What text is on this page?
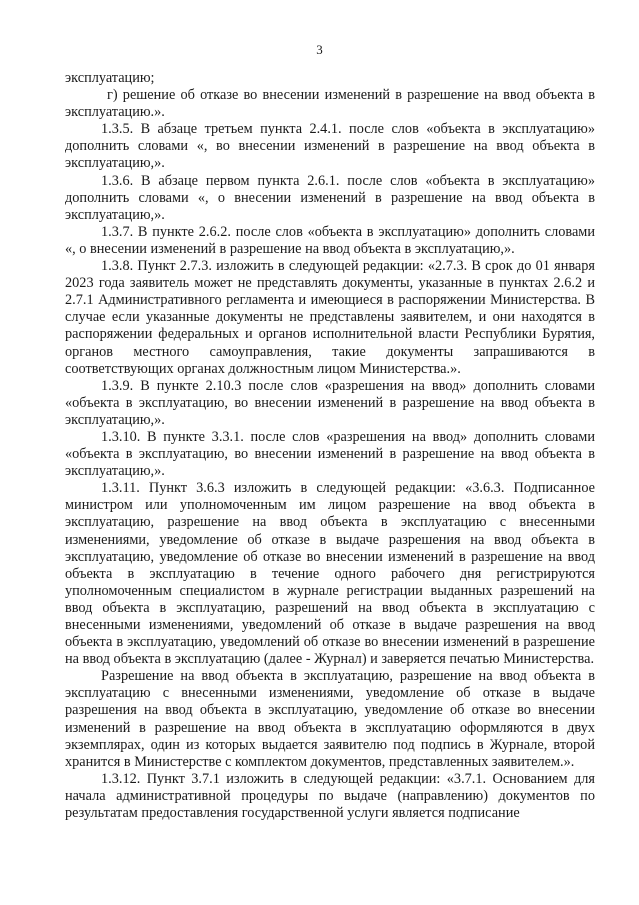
3

эксплуатацию;

г) решение об отказе во внесении изменений в разрешение на ввод объекта в эксплуатацию.».

1.3.5. В абзаце третьем пункта 2.4.1. после слов «объекта в эксплуатацию» дополнить словами «, во внесении изменений в разрешение на ввод объекта в эксплуатацию,».

1.3.6. В абзаце первом пункта 2.6.1. после слов «объекта в эксплуатацию» дополнить словами «, о внесении изменений в разрешение на ввод объекта в эксплуатацию,».

1.3.7. В пункте 2.6.2. после слов «объекта в эксплуатацию» дополнить словами «, о внесении изменений в разрешение на ввод объекта в эксплуатацию,».

1.3.8. Пункт 2.7.3. изложить в следующей редакции: «2.7.3. В срок до 01 января 2023 года заявитель может не представлять документы, указанные в пунктах 2.6.2 и 2.7.1 Административного регламента и имеющиеся в распоряжении Министерства. В случае если указанные документы не представлены заявителем, и они находятся в распоряжении федеральных и органов исполнительной власти Республики Бурятия, органов местного самоуправления, такие документы запрашиваются в соответствующих органах должностным лицом Министерства.».

1.3.9. В пункте 2.10.3 после слов «разрешения на ввод» дополнить словами «объекта в эксплуатацию, во внесении изменений в разрешение на ввод объекта в эксплуатацию,».

1.3.10. В пункте 3.3.1. после слов «разрешения на ввод» дополнить словами «объекта в эксплуатацию, во внесении изменений в разрешение на ввод объекта в эксплуатацию,».

1.3.11. Пункт 3.6.3 изложить в следующей редакции: «3.6.3. Подписанное министром или уполномоченным им лицом разрешение на ввод объекта в эксплуатацию, разрешение на ввод объекта в эксплуатацию с внесенными изменениями, уведомление об отказе в выдаче разрешения на ввод объекта в эксплуатацию, уведомление об отказе во внесении изменений в разрешение на ввод объекта в эксплуатацию в течение одного рабочего дня регистрируются уполномоченным специалистом в журнале регистрации выданных разрешений на ввод объекта в эксплуатацию, разрешений на ввод объекта в эксплуатацию с внесенными изменениями, уведомлений об отказе в выдаче разрешения на ввод объекта в эксплуатацию, уведомлений об отказе во внесении изменений в разрешение на ввод объекта в эксплуатацию (далее - Журнал) и заверяется печатью Министерства.

Разрешение на ввод объекта в эксплуатацию, разрешение на ввод объекта в эксплуатацию с внесенными изменениями, уведомление об отказе в выдаче разрешения на ввод объекта в эксплуатацию, уведомление об отказе во внесении изменений в разрешение на ввод объекта в эксплуатацию оформляются в двух экземплярах, один из которых выдается заявителю под подпись в Журнале, второй хранится в Министерстве с комплектом документов, представленных заявителем.».

1.3.12. Пункт 3.7.1 изложить в следующей редакции: «3.7.1. Основанием для начала административной процедуры по выдаче (направлению) документов по результатам предоставления государственной услуги является подписание
